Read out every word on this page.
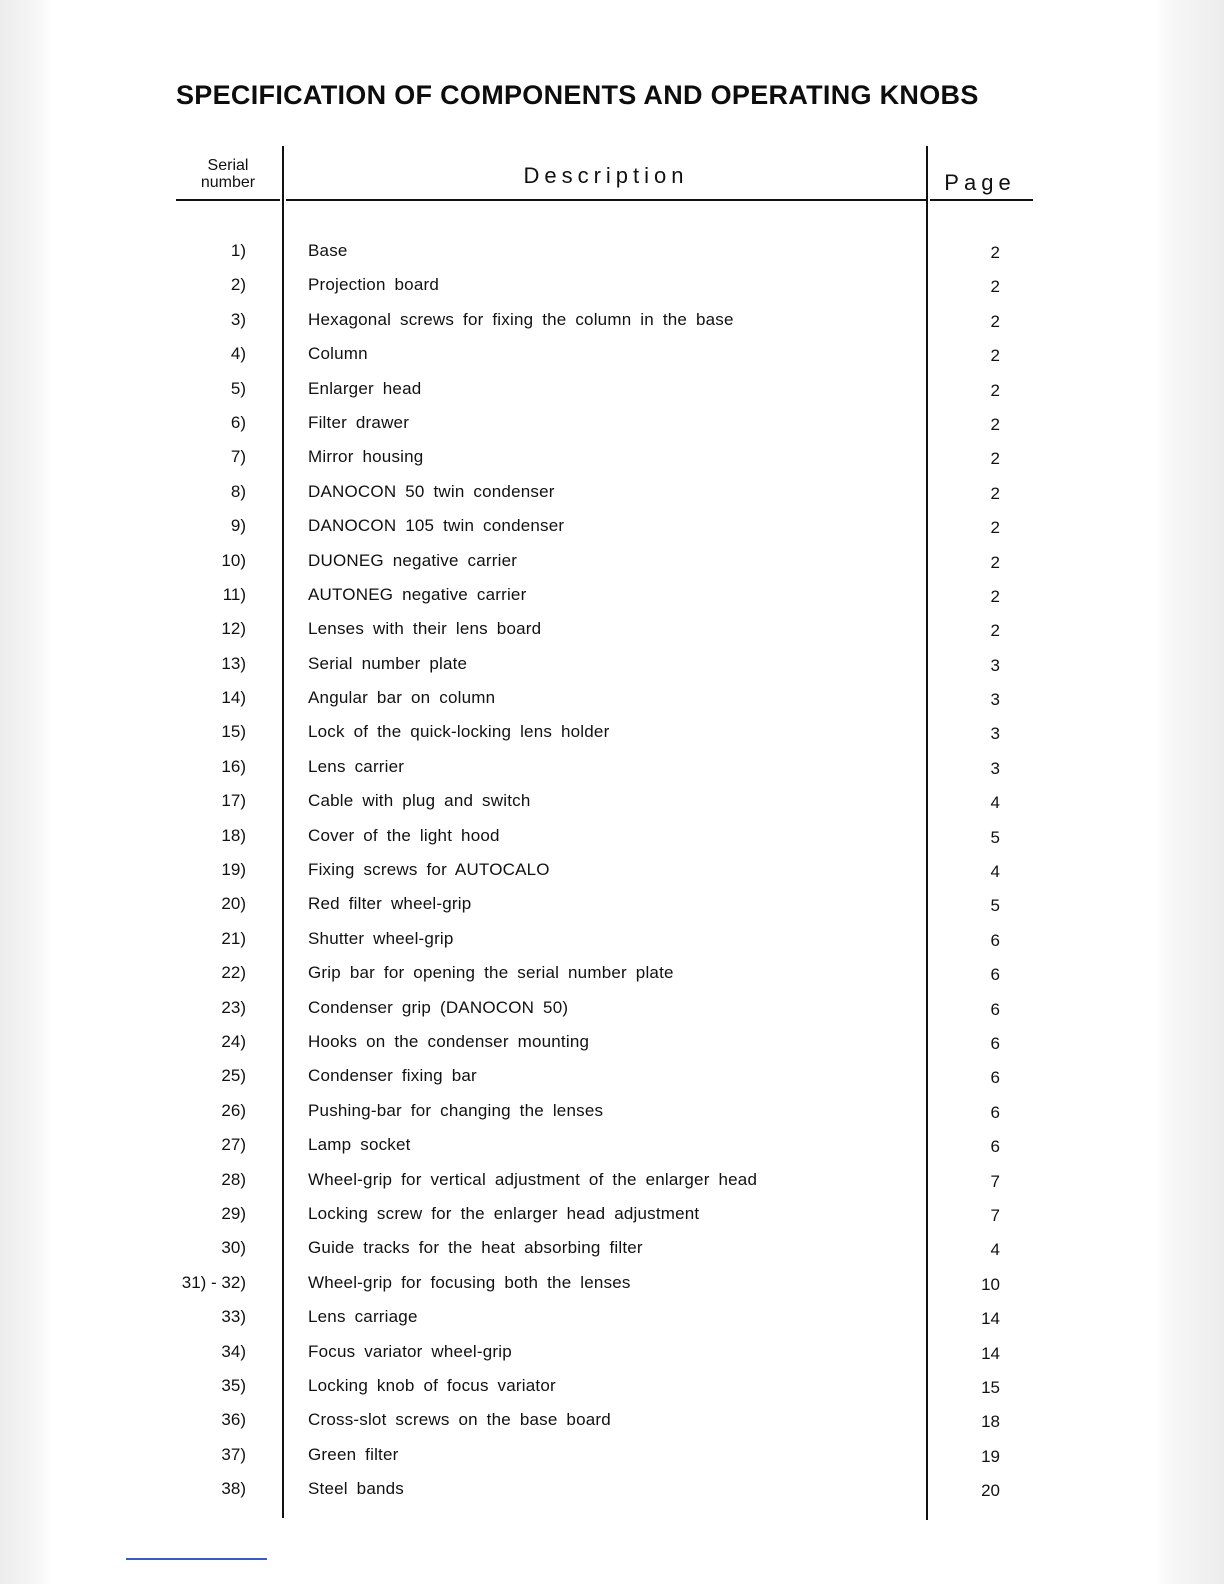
SPECIFICATION OF COMPONENTS AND OPERATING KNOBS
Serial
number	Description	Page
1)	Base	2
2)	Projection board	2
3)	Hexagonal screws for fixing the column in the base	2
4)	Column	2
5)	Enlarger head	2
6)	Filter drawer	2
7)	Mirror housing	2
8)	DANOCON 50 twin condenser	2
9)	DANOCON 105 twin condenser	2
10)	DUONEG negative carrier	2
11)	AUTONEG negative carrier	2
12)	Lenses with their lens board	2
13)	Serial number plate	3
14)	Angular bar on column	3
15)	Lock of the quick-locking lens holder	3
16)	Lens carrier	3
17)	Cable with plug and switch	4
18)	Cover of the light hood	5
19)	Fixing screws for AUTOCALO	4
20)	Red filter wheel-grip	5
21)	Shutter wheel-grip	6
22)	Grip bar for opening the serial number plate	6
23)	Condenser grip (DANOCON 50)	6
24)	Hooks on the condenser mounting	6
25)	Condenser fixing bar	6
26)	Pushing-bar for changing the lenses	6
27)	Lamp socket	6
28)	Wheel-grip for vertical adjustment of the enlarger head	7
29)	Locking screw for the enlarger head adjustment	7
30)	Guide tracks for the heat absorbing filter	4
31) - 32)	Wheel-grip for focusing both the lenses	10
33)	Lens carriage	14
34)	Focus variator wheel-grip	14
35)	Locking knob of focus variator	15
36)	Cross-slot screws on the base board	18
37)	Green filter	19
38)	Steel bands	20
